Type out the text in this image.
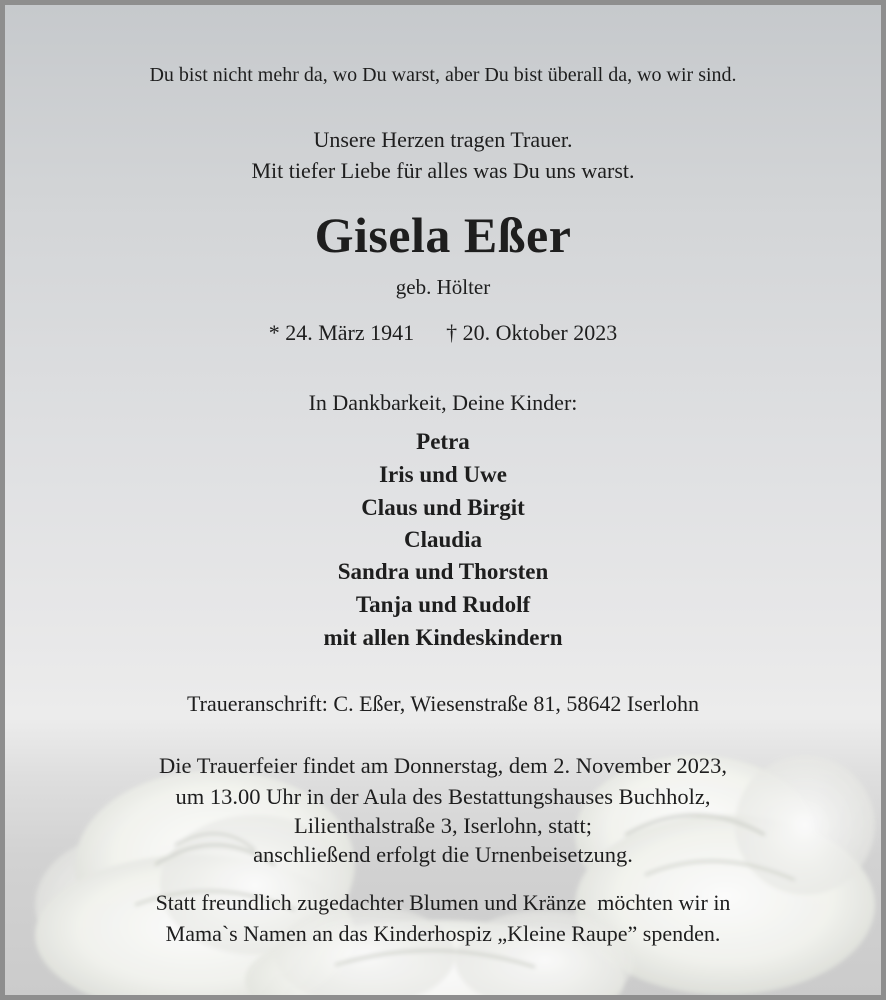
Du bist nicht mehr da, wo Du warst, aber Du bist überall da, wo wir sind.
Unsere Herzen tragen Trauer.
Mit tiefer Liebe für alles was Du uns warst.
Gisela Eßer
geb. Hölter
* 24. März 1941 † 20. Oktober 2023
In Dankbarkeit, Deine Kinder:
Petra
Iris und Uwe
Claus und Birgit
Claudia
Sandra und Thorsten
Tanja und Rudolf
mit allen Kindeskindern
Traueranschrift: C. Eßer, Wiesenstraße 81, 58642 Iserlohn
Die Trauerfeier findet am Donnerstag, dem 2. November 2023,
um 13.00 Uhr in der Aula des Bestattungshauses Buchholz,
Lilienthalstraße 3, Iserlohn, statt;
anschließend erfolgt die Urnenbeisetzung.
Statt freundlich zugedachter Blumen und Kränze  möchten wir in
Mama`s Namen an das Kinderhospiz „Kleine Raupe” spenden.
